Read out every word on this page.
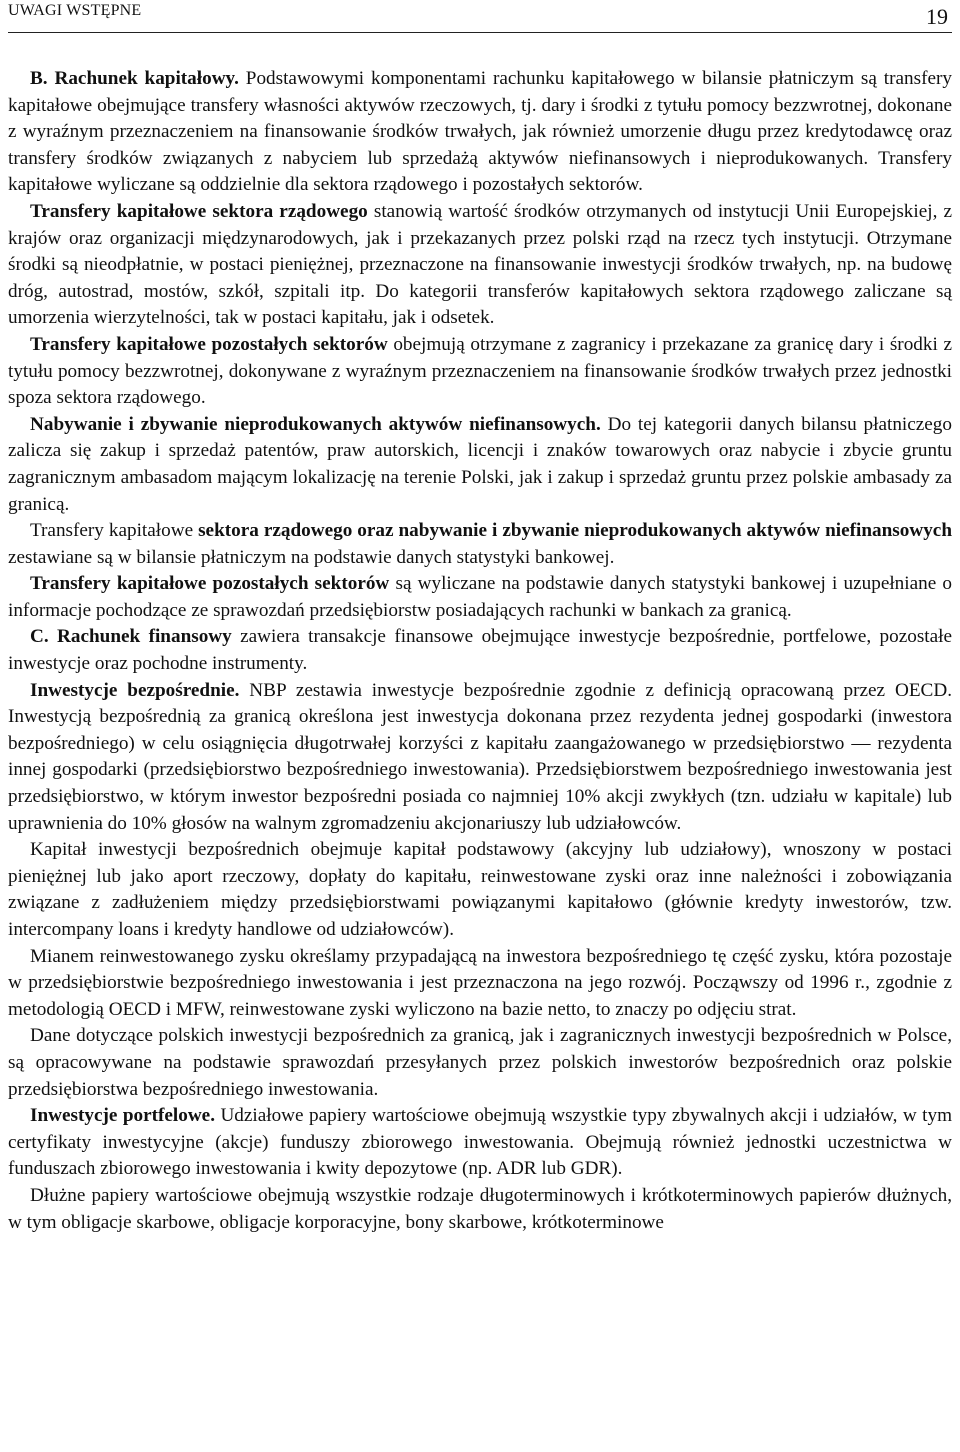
UWAGI WSTĘPNE	19

B. Rachunek kapitałowy. Podstawowymi komponentami rachunku kapitałowego w bilansie płatniczym są transfery kapitałowe obejmujące transfery własności aktywów rzeczowych, tj. dary i środki z tytułu pomocy bezzwrotnej, dokonane z wyraźnym przeznaczeniem na finansowanie środków trwałych, jak również umorzenie długu przez kredytodawcę oraz transfery środków związanych z nabyciem lub sprzedażą aktywów niefinansowych i nieprodukowanych. Transfery kapitałowe wyliczane są oddzielnie dla sektora rządowego i pozostałych sektorów.

Transfery kapitałowe sektora rządowego stanowią wartość środków otrzymanych od instytucji Unii Europejskiej, z krajów oraz organizacji międzynarodowych, jak i przekazanych przez polski rząd na rzecz tych instytucji. Otrzymane środki są nieodpłatnie, w postaci pieniężnej, przeznaczone na finansowanie inwestycji środków trwałych, np. na budowę dróg, autostrad, mostów, szkół, szpitali itp. Do kategorii transferów kapitałowych sektora rządowego zaliczane są umorzenia wierzytelności, tak w postaci kapitału, jak i odsetek.

Transfery kapitałowe pozostałych sektorów obejmują otrzymane z zagranicy i przekazane za granicę dary i środki z tytułu pomocy bezzwrotnej, dokonywane z wyraźnym przeznaczeniem na finansowanie środków trwałych przez jednostki spoza sektora rządowego.

Nabywanie i zbywanie nieprodukowanych aktywów niefinansowych. Do tej kategorii danych bilansu płatniczego zalicza się zakup i sprzedaż patentów, praw autorskich, licencji i znaków towarowych oraz nabycie i zbycie gruntu zagranicznym ambasadom mającym lokalizację na terenie Polski, jak i zakup i sprzedaż gruntu przez polskie ambasady za granicą.

Transfery kapitałowe sektora rządowego oraz nabywanie i zbywanie nieprodukowanych aktywów niefinansowych zestawiane są w bilansie płatniczym na podstawie danych statystyki bankowej.

Transfery kapitałowe pozostałych sektorów są wyliczane na podstawie danych statystyki bankowej i uzupełniane o informacje pochodzące ze sprawozdań przedsiębiorstw posiadających rachunki w bankach za granicą.

C. Rachunek finansowy zawiera transakcje finansowe obejmujące inwestycje bezpośrednie, portfelowe, pozostałe inwestycje oraz pochodne instrumenty.

Inwestycje bezpośrednie. NBP zestawia inwestycje bezpośrednie zgodnie z definicją opracowaną przez OECD. Inwestycją bezpośrednią za granicą określona jest inwestycja dokonana przez rezydenta jednej gospodarki (inwestora bezpośredniego) w celu osiągnięcia długotrwałej korzyści z kapitału zaangażowanego w przedsiębiorstwo — rezydenta innej gospodarki (przedsiębiorstwo bezpośredniego inwestowania). Przedsiębiorstwem bezpośredniego inwestowania jest przedsiębiorstwo, w którym inwestor bezpośredni posiada co najmniej 10% akcji zwykłych (tzn. udziału w kapitale) lub uprawnienia do 10% głosów na walnym zgromadzeniu akcjonariuszy lub udziałowców.

Kapitał inwestycji bezpośrednich obejmuje kapitał podstawowy (akcyjny lub udziałowy), wnoszony w postaci pieniężnej lub jako aport rzeczowy, dopłaty do kapitału, reinwestowane zyski oraz inne należności i zobowiązania związane z zadłużeniem między przedsiębiorstwami powiązanymi kapitałowo (głównie kredyty inwestorów, tzw. intercompany loans i kredyty handlowe od udziałowców).

Mianem reinwestowanego zysku określamy przypadającą na inwestora bezpośredniego tę część zysku, która pozostaje w przedsiębiorstwie bezpośredniego inwestowania i jest przeznaczona na jego rozwój. Począwszy od 1996 r., zgodnie z metodologią OECD i MFW, reinwestowane zyski wyliczono na bazie netto, to znaczy po odjęciu strat.

Dane dotyczące polskich inwestycji bezpośrednich za granicą, jak i zagranicznych inwestycji bezpośrednich w Polsce, są opracowywane na podstawie sprawozdań przesyłanych przez polskich inwestorów bezpośrednich oraz polskie przedsiębiorstwa bezpośredniego inwestowania.

Inwestycje portfelowe. Udziałowe papiery wartościowe obejmują wszystkie typy zbywalnych akcji i udziałów, w tym certyfikaty inwestycyjne (akcje) funduszy zbiorowego inwestowania. Obejmują również jednostki uczestnictwa w funduszach zbiorowego inwestowania i kwity depozytowe (np. ADR lub GDR).

Dłużne papiery wartościowe obejmują wszystkie rodzaje długoterminowych i krótkoterminowych papierów dłużnych, w tym obligacje skarbowe, obligacje korporacyjne, bony skarbowe, krótkoterminowe
